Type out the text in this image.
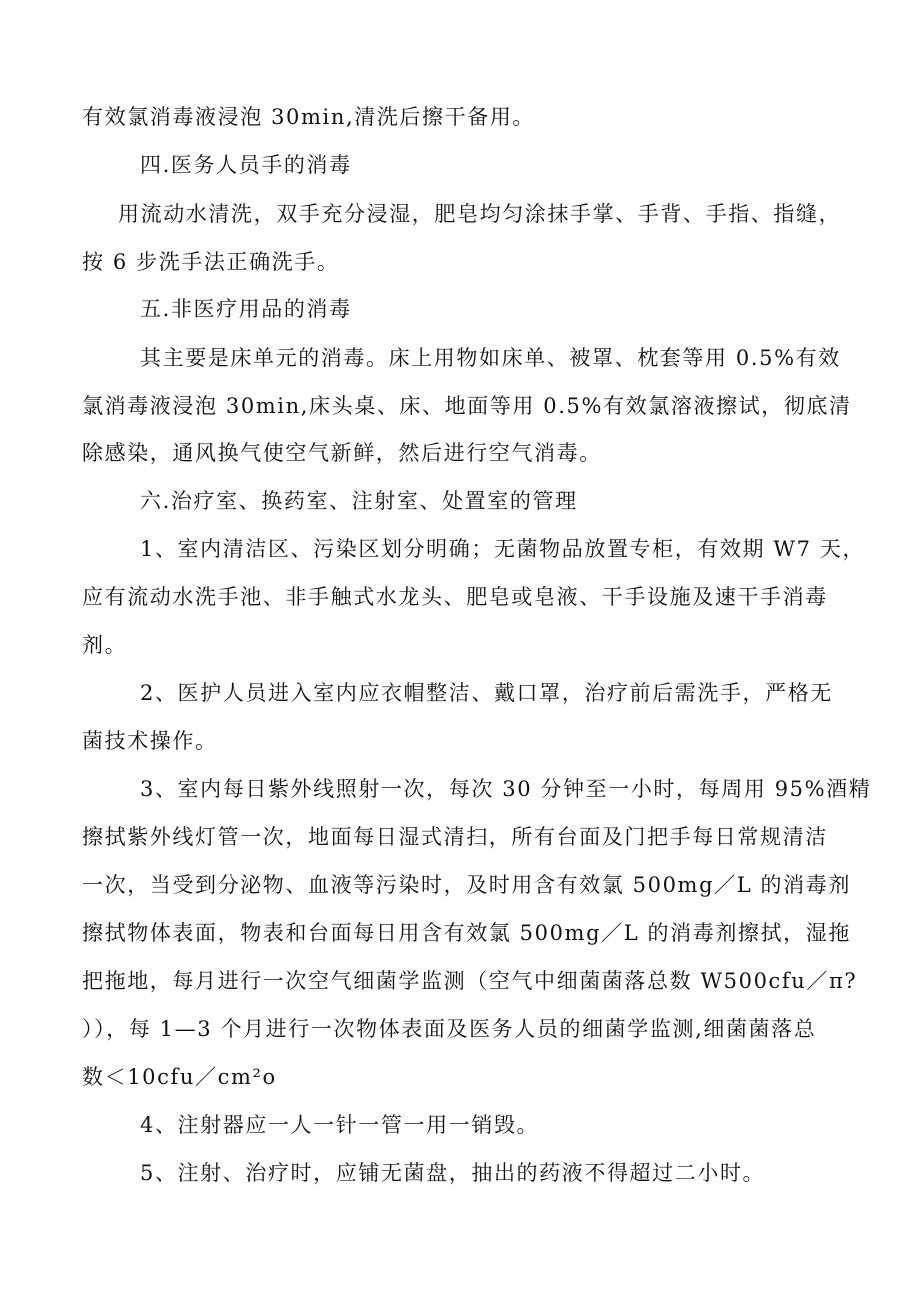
有效氯消毒液浸泡 30min,清洗后擦干备用。
四.医务人员手的消毒
用流动水清洗，双手充分浸湿，肥皂均匀涂抹手掌、手背、手指、指缝，
按 6 步洗手法正确洗手。
五.非医疗用品的消毒
其主要是床单元的消毒。床上用物如床单、被罩、枕套等用 0.5%有效
氯消毒液浸泡 30min,床头桌、床、地面等用 0.5%有效氯溶液擦试，彻底清
除感染，通风换气使空气新鲜，然后进行空气消毒。
六.治疗室、换药室、注射室、处置室的管理
1、室内清洁区、污染区划分明确；无菌物品放置专柜，有效期 W7 天，
应有流动水洗手池、非手触式水龙头、肥皂或皂液、干手设施及速干手消毒
剂。
2、医护人员进入室内应衣帽整洁、戴口罩，治疗前后需洗手，严格无
菌技术操作。
3、室内每日紫外线照射一次，每次 30 分钟至一小时，每周用 95%酒精
擦拭紫外线灯管一次，地面每日湿式清扫，所有台面及门把手每日常规清洁
一次，当受到分泌物、血液等污染时，及时用含有效氯 500mg／L 的消毒剂
擦拭物体表面，物表和台面每日用含有效氯 500mg／L 的消毒剂擦拭，湿拖
把拖地，每月进行一次空气细菌学监测（空气中细菌菌落总数 W500cfu／π?
）），每 1—3 个月进行一次物体表面及医务人员的细菌学监测,细菌菌落总
数＜10cfu／cm²o
4、注射器应一人一针一管一用一销毁。
5、注射、治疗时，应铺无菌盘，抽出的药液不得超过二小时。
